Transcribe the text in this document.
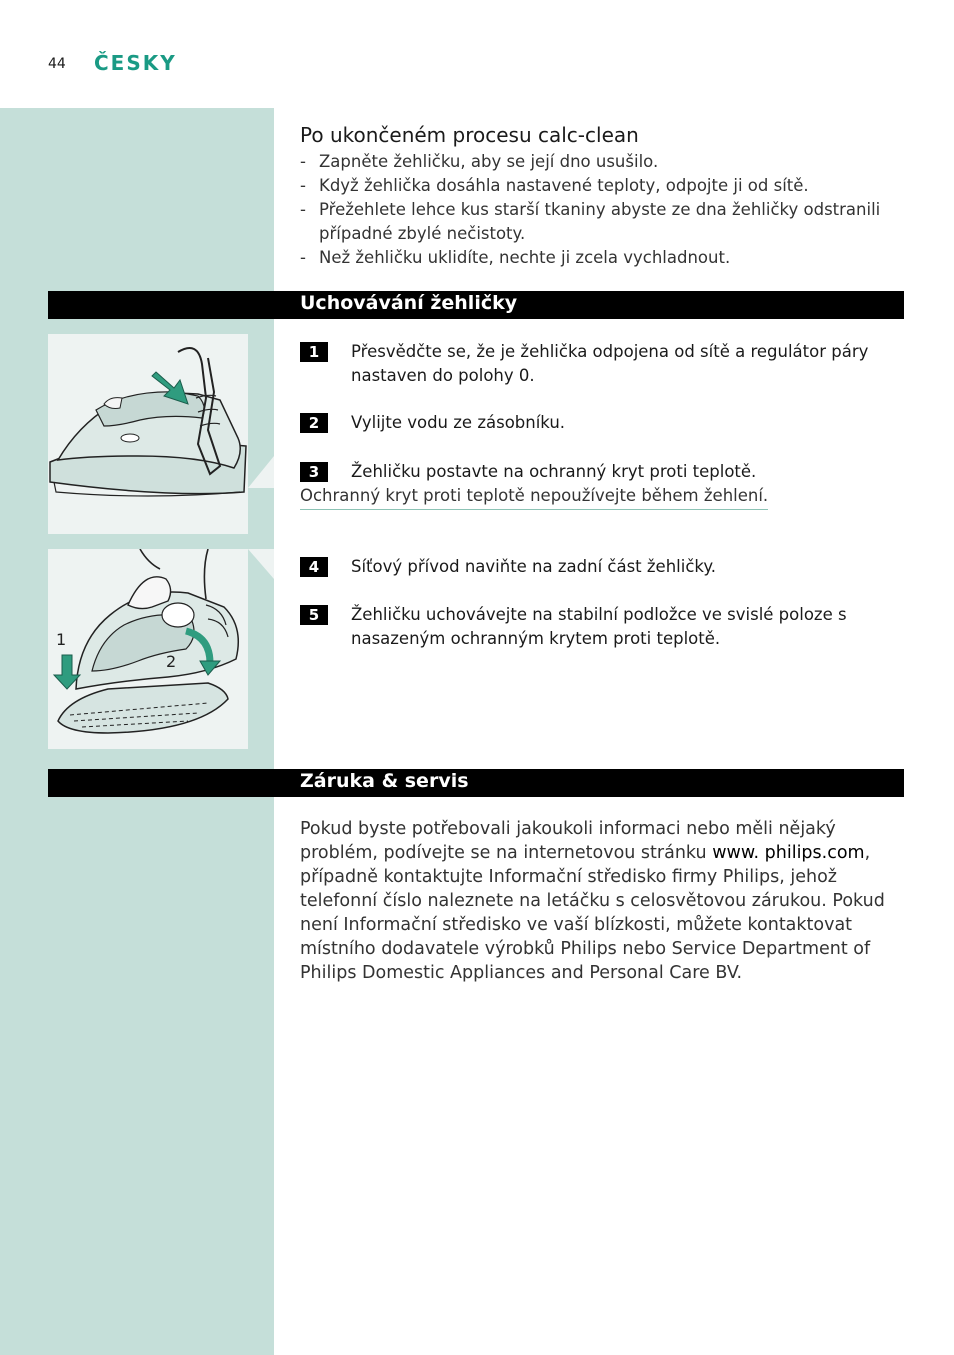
44 ČESKY
Po ukončeném procesu calc-clean
- Zapněte žehličku, aby se její dno usušilo.
- Když žehlička dosáhla nastavené teploty, odpojte ji od sítě.
- Přežehlete lehce kus starší tkaniny abyste ze dna žehličky odstranili případné zbylé nečistoty.
- Než žehličku uklidíte, nechte ji zcela vychladnout.
Uchovávání žehličky
1
2
1	Přesvědčte se, že je žehlička odpojena od sítě a regulátor páry nastaven do polohy 0.
2	Vylijte vodu ze zásobníku.
3	Žehličku postavte na ochranný kryt proti teplotě.
Ochranný kryt proti teplotě nepoužívejte během žehlení.
4	Síťový přívod naviňte na zadní část žehličky.
5	Žehličku uchovávejte na stabilní podložce ve svislé poloze s nasazeným ochranným krytem proti teplotě.
Záruka & servis

Pokud byste potřebovali jakoukoli informaci nebo měli nějaký problém, podívejte se na internetovou stránku www. philips.com, případně kontaktujte Informační středisko firmy Philips, jehož telefonní číslo naleznete na letáčku s celosvětovou zárukou. Pokud není Informační středisko ve vaší blízkosti, můžete kontaktovat místního dodavatele výrobků Philips nebo Service Department of Philips Domestic Appliances and Personal Care BV.
